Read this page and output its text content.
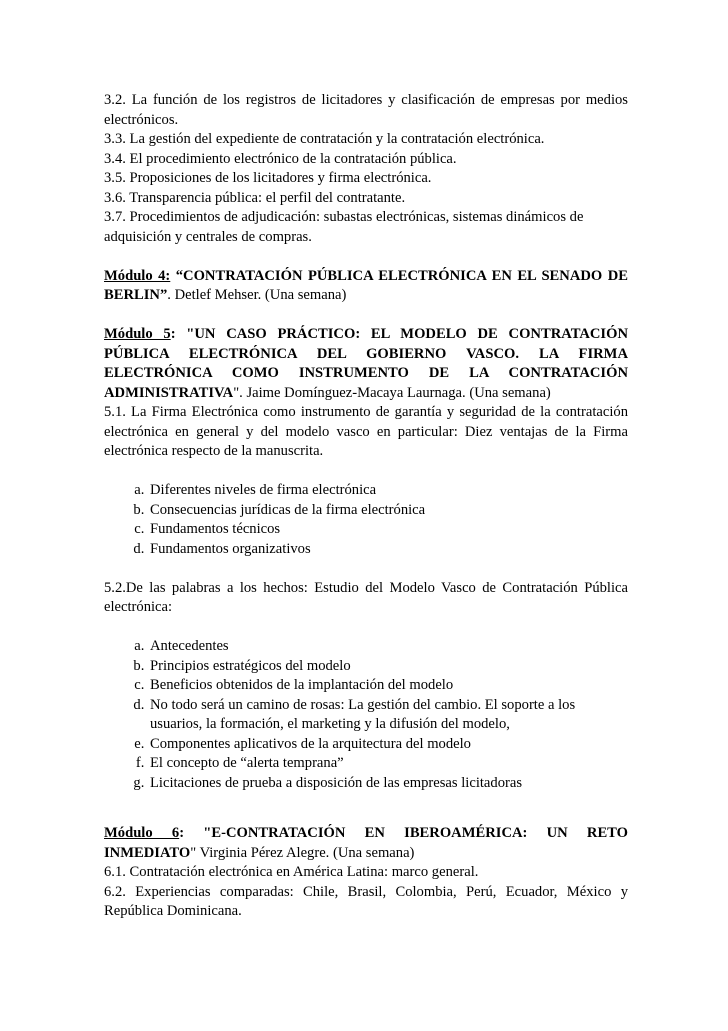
3.2. La función de los registros de licitadores y clasificación de empresas por medios electrónicos.

3.3. La gestión del expediente de contratación y la contratación electrónica.

3.4. El procedimiento electrónico de la contratación pública.

3.5. Proposiciones de los licitadores y firma electrónica.

3.6. Transparencia pública: el perfil del contratante.

3.7. Procedimientos de adjudicación: subastas electrónicas, sistemas dinámicos de adquisición y centrales de compras.

Módulo 4: “CONTRATACIÓN PÚBLICA ELECTRÓNICA EN EL SENADO DE BERLIN”. Detlef Mehser. (Una semana)

Módulo 5: "UN CASO PRÁCTICO: EL MODELO DE CONTRATACIÓN PÚBLICA ELECTRÓNICA DEL GOBIERNO VASCO. LA FIRMA ELECTRÓNICA COMO INSTRUMENTO DE LA CONTRATACIÓN ADMINISTRATIVA". Jaime Domínguez-Macaya Laurnaga. (Una semana)

5.1. La Firma Electrónica como instrumento de garantía y seguridad de la contratación electrónica en general y del modelo vasco en particular: Diez ventajas de la Firma electrónica respecto de la manuscrita.

a. Diferentes niveles de firma electrónica
b. Consecuencias jurídicas de la firma electrónica
c. Fundamentos técnicos
d. Fundamentos organizativos

5.2.De las palabras a los hechos: Estudio del Modelo Vasco de Contratación Pública electrónica:

a. Antecedentes
b. Principios estratégicos del modelo
c. Beneficios obtenidos de la implantación del modelo
d. No todo será un camino de rosas: La gestión del cambio. El soporte a los usuarios, la formación, el marketing y la difusión del modelo,
e. Componentes aplicativos de la arquitectura del modelo
f. El concepto de “alerta temprana”
g. Licitaciones de prueba a disposición de las empresas licitadoras

Módulo 6: "E-CONTRATACIÓN EN IBEROAMÉRICA: UN RETO INMEDIATO" Virginia Pérez Alegre. (Una semana)

6.1. Contratación electrónica en América Latina: marco general.

6.2. Experiencias comparadas: Chile, Brasil, Colombia, Perú, Ecuador, México y República Dominicana.
